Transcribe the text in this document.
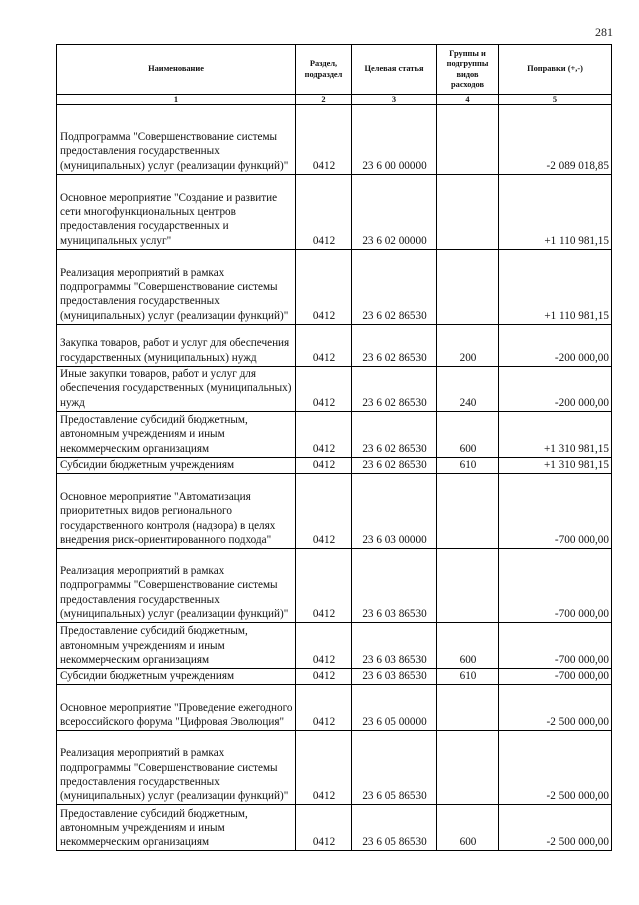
281
Наименование	Раздел, подраздел	Целевая статья	Группы и подгруппы видов расходов	Поправки (+,-)
1	2	3	4	5
Подпрограмма "Совершенствование системы предоставления государственных (муниципальных) услуг (реализации функций)"	0412	23 6 00 00000		-2 089 018,85
Основное мероприятие "Создание и развитие сети многофункциональных центров предоставления государственных и муниципальных услуг"	0412	23 6 02 00000		+1 110 981,15
Реализация мероприятий в рамках подпрограммы "Совершенствование системы предоставления государственных (муниципальных) услуг (реализации функций)"	0412	23 6 02 86530		+1 110 981,15
Закупка товаров, работ и услуг для обеспечения государственных (муниципальных) нужд	0412	23 6 02 86530	200	-200 000,00
Иные закупки товаров, работ и услуг для обеспечения государственных (муниципальных) нужд	0412	23 6 02 86530	240	-200 000,00
Предоставление субсидий бюджетным, автономным учреждениям и иным некоммерческим организациям	0412	23 6 02 86530	600	+1 310 981,15
Субсидии бюджетным учреждениям	0412	23 6 02 86530	610	+1 310 981,15
Основное мероприятие "Автоматизация приоритетных видов регионального государственного контроля (надзора) в целях внедрения риск-ориентированного подхода"	0412	23 6 03 00000		-700 000,00
Реализация мероприятий в рамках подпрограммы "Совершенствование системы предоставления государственных (муниципальных) услуг (реализации функций)"	0412	23 6 03 86530		-700 000,00
Предоставление субсидий бюджетным, автономным учреждениям и иным некоммерческим организациям	0412	23 6 03 86530	600	-700 000,00
Субсидии бюджетным учреждениям	0412	23 6 03 86530	610	-700 000,00
Основное мероприятие "Проведение ежегодного всероссийского форума "Цифровая Эволюция"	0412	23 6 05 00000		-2 500 000,00
Реализация мероприятий в рамках подпрограммы "Совершенствование системы предоставления государственных (муниципальных) услуг (реализации функций)"	0412	23 6 05 86530		-2 500 000,00
Предоставление субсидий бюджетным, автономным учреждениям и иным некоммерческим организациям	0412	23 6 05 86530	600	-2 500 000,00
